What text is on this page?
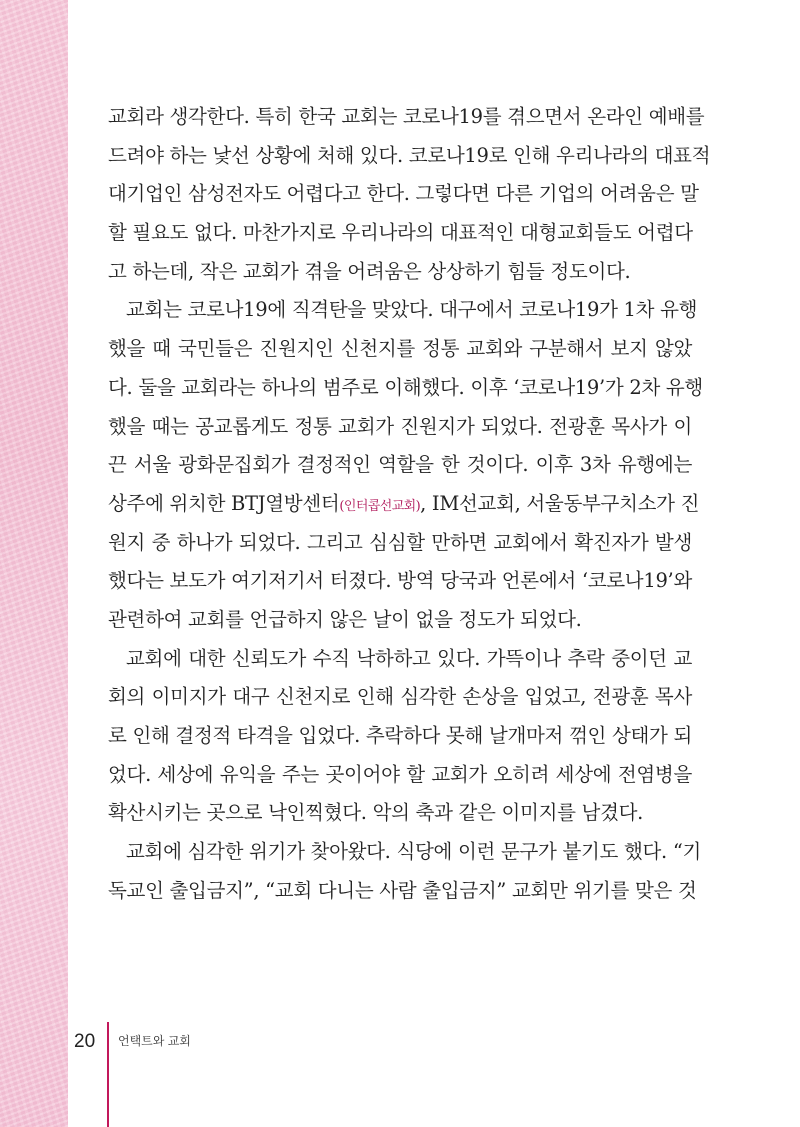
교회라 생각한다. 특히 한국 교회는 코로나19를 겪으면서 온라인 예배를
드려야 하는 낯선 상황에 처해 있다. 코로나19로 인해 우리나라의 대표적
대기업인 삼성전자도 어렵다고 한다. 그렇다면 다른 기업의 어려움은 말
할 필요도 없다. 마찬가지로 우리나라의 대표적인 대형교회들도 어렵다
고 하는데, 작은 교회가 겪을 어려움은 상상하기 힘들 정도이다.
교회는 코로나19에 직격탄을 맞았다. 대구에서 코로나19가 1차 유행
했을 때 국민들은 진원지인 신천지를 정통 교회와 구분해서 보지 않았
다. 둘을 교회라는 하나의 범주로 이해했다. 이후 ‘코로나19’가 2차 유행
했을 때는 공교롭게도 정통 교회가 진원지가 되었다. 전광훈 목사가 이
끈 서울 광화문집회가 결정적인 역할을 한 것이다. 이후 3차 유행에는
상주에 위치한 BTJ열방센터(인터콥선교회), IM선교회, 서울동부구치소가 진
원지 중 하나가 되었다. 그리고 심심할 만하면 교회에서 확진자가 발생
했다는 보도가 여기저기서 터졌다. 방역 당국과 언론에서 ‘코로나19’와
관련하여 교회를 언급하지 않은 날이 없을 정도가 되었다.
교회에 대한 신뢰도가 수직 낙하하고 있다. 가뜩이나 추락 중이던 교
회의 이미지가 대구 신천지로 인해 심각한 손상을 입었고, 전광훈 목사
로 인해 결정적 타격을 입었다. 추락하다 못해 날개마저 꺾인 상태가 되
었다. 세상에 유익을 주는 곳이어야 할 교회가 오히려 세상에 전염병을
확산시키는 곳으로 낙인찍혔다. 악의 축과 같은 이미지를 남겼다.
교회에 심각한 위기가 찾아왔다. 식당에 이런 문구가 붙기도 했다. “기
독교인 출입금지”, “교회 다니는 사람 출입금지” 교회만 위기를 맞은 것
20	언택트와 교회
